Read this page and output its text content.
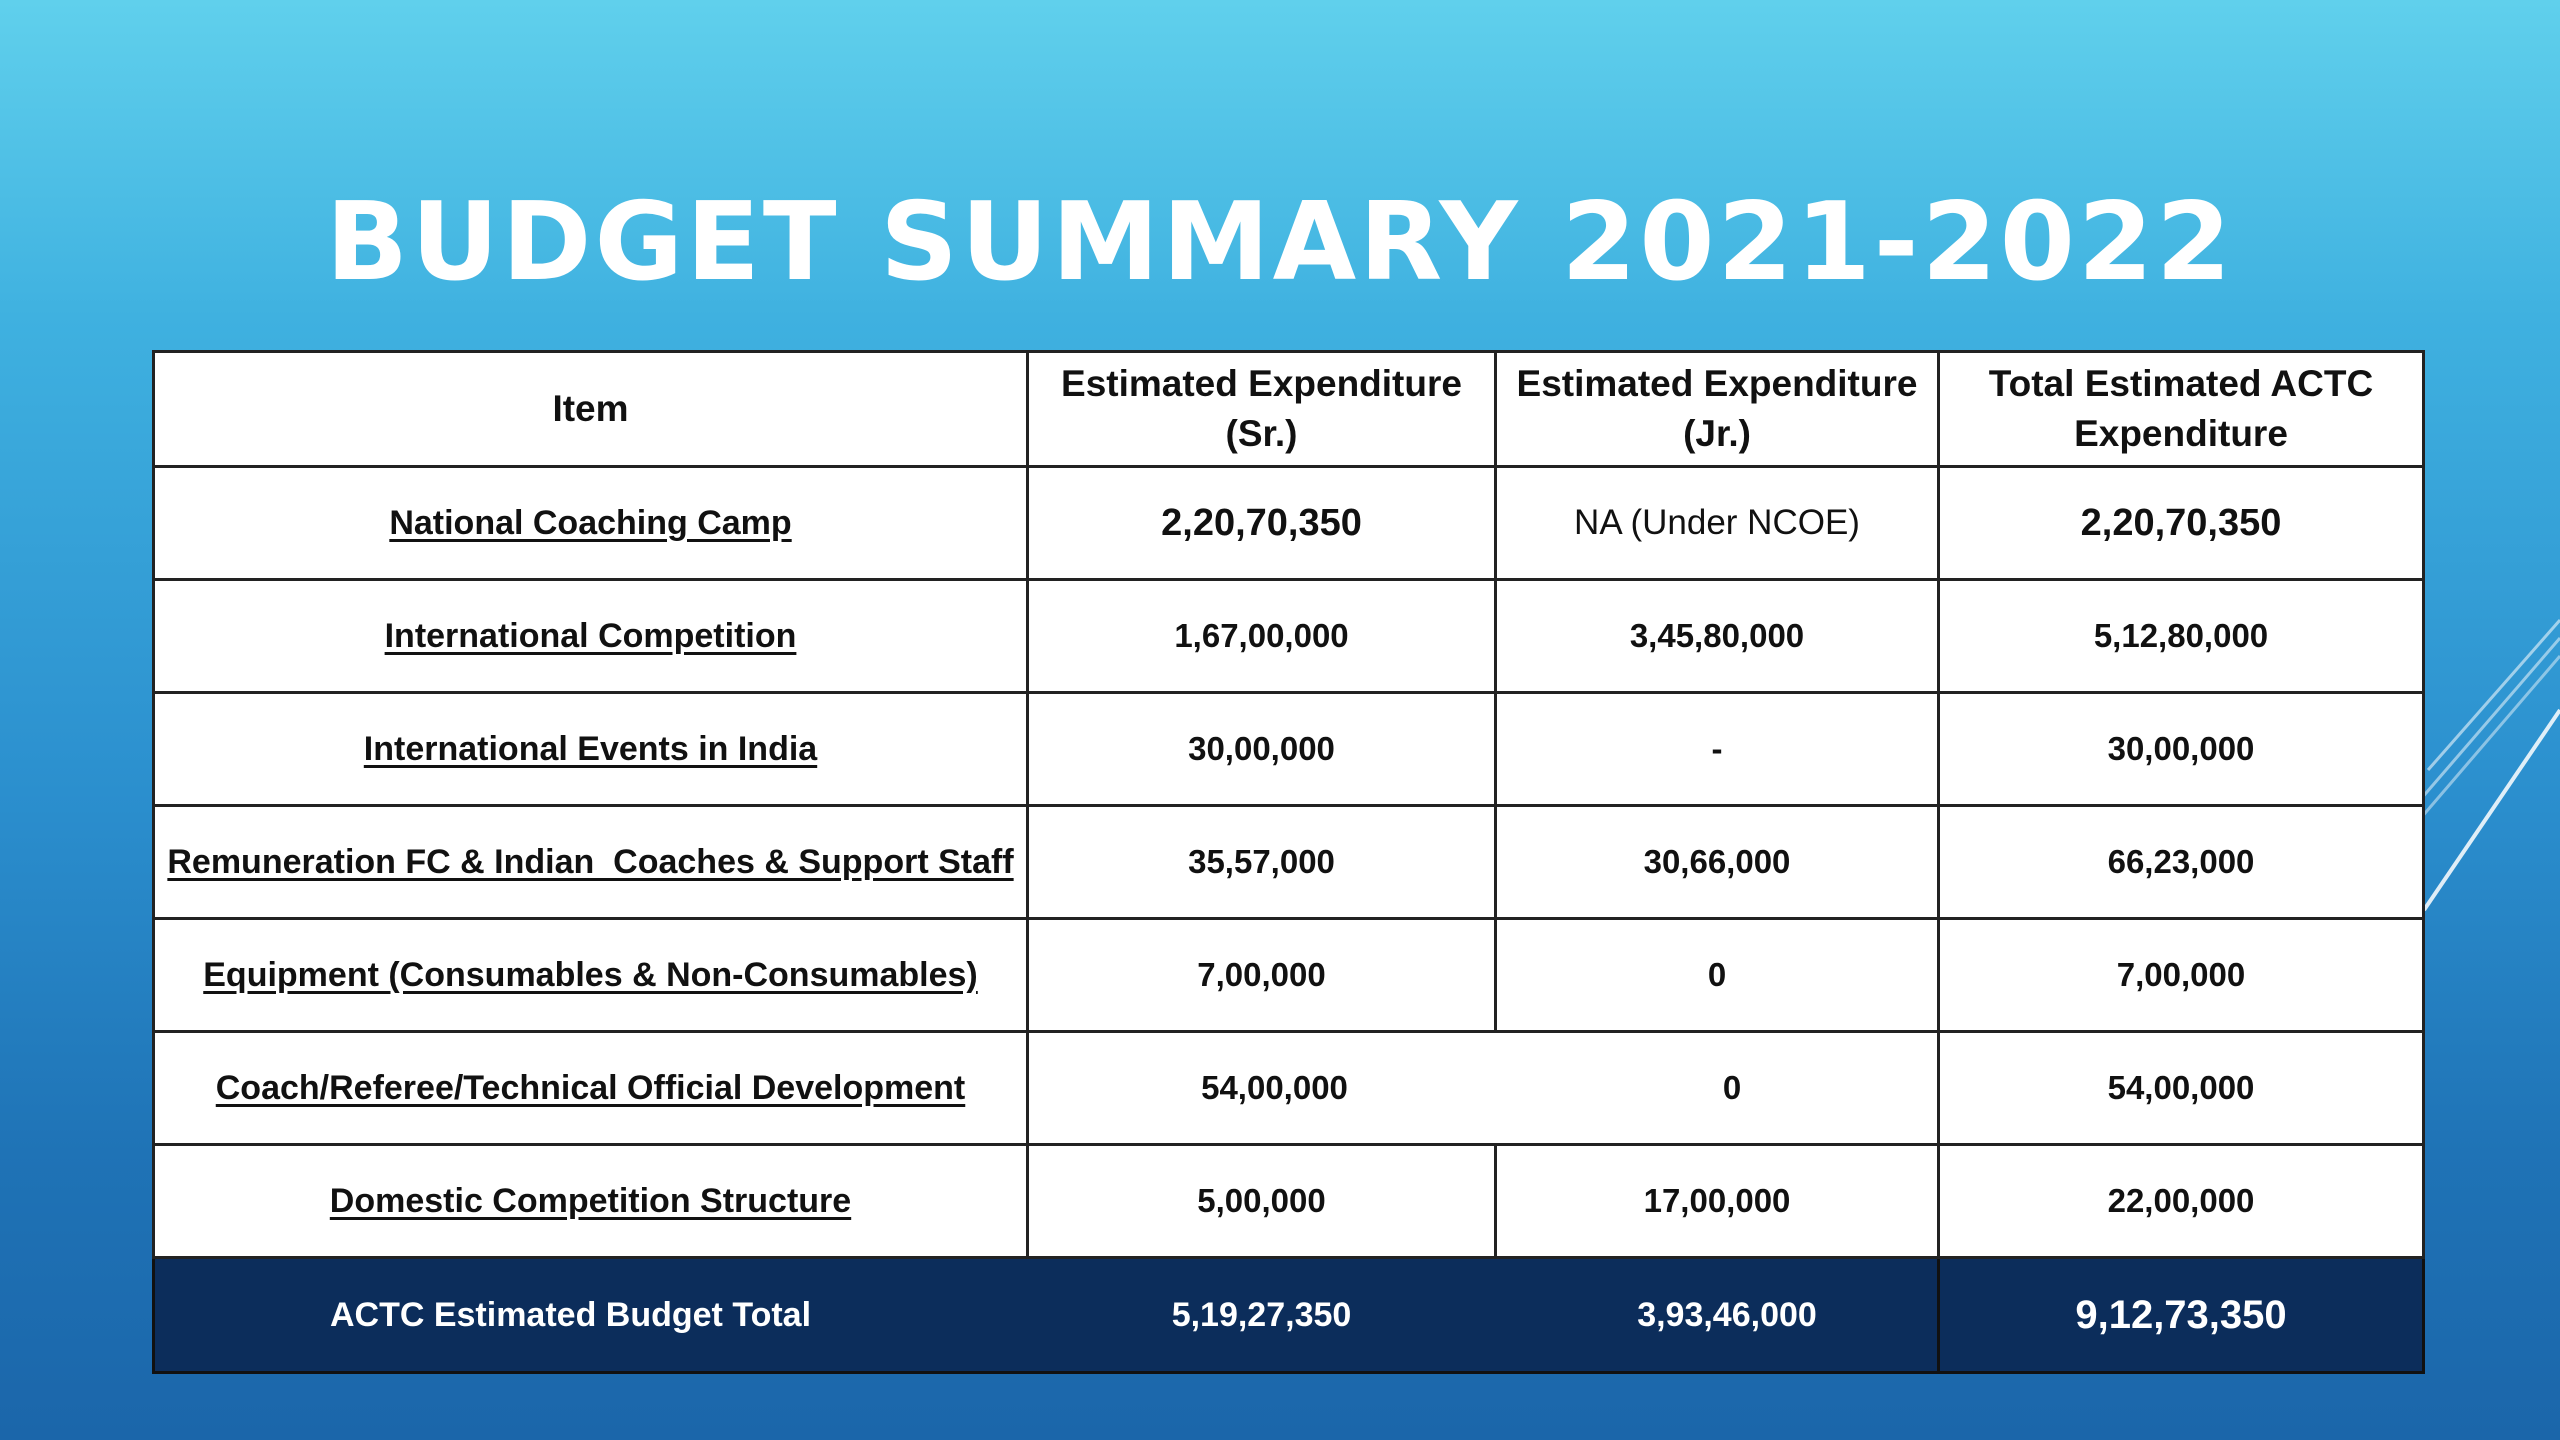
BUDGET SUMMARY 2021-2022
Item	Estimated Expenditure (Sr.)	Estimated Expenditure (Jr.)	Total Estimated ACTC Expenditure
National Coaching Camp	2,20,70,350	NA (Under NCOE)	2,20,70,350
International Competition	1,67,00,000	3,45,80,000	5,12,80,000
International Events in India	30,00,000	-	30,00,000
Remuneration FC & Indian  Coaches & Support Staff	35,57,000	30,66,000	66,23,000
Equipment (Consumables & Non-Consumables)	7,00,000	0	7,00,000
Coach/Referee/Technical Official Development	54,00,000	0	54,00,000
Domestic Competition Structure	5,00,000	17,00,000	22,00,000
ACTC Estimated Budget Total	5,19,27,350	3,93,46,000	9,12,73,350
